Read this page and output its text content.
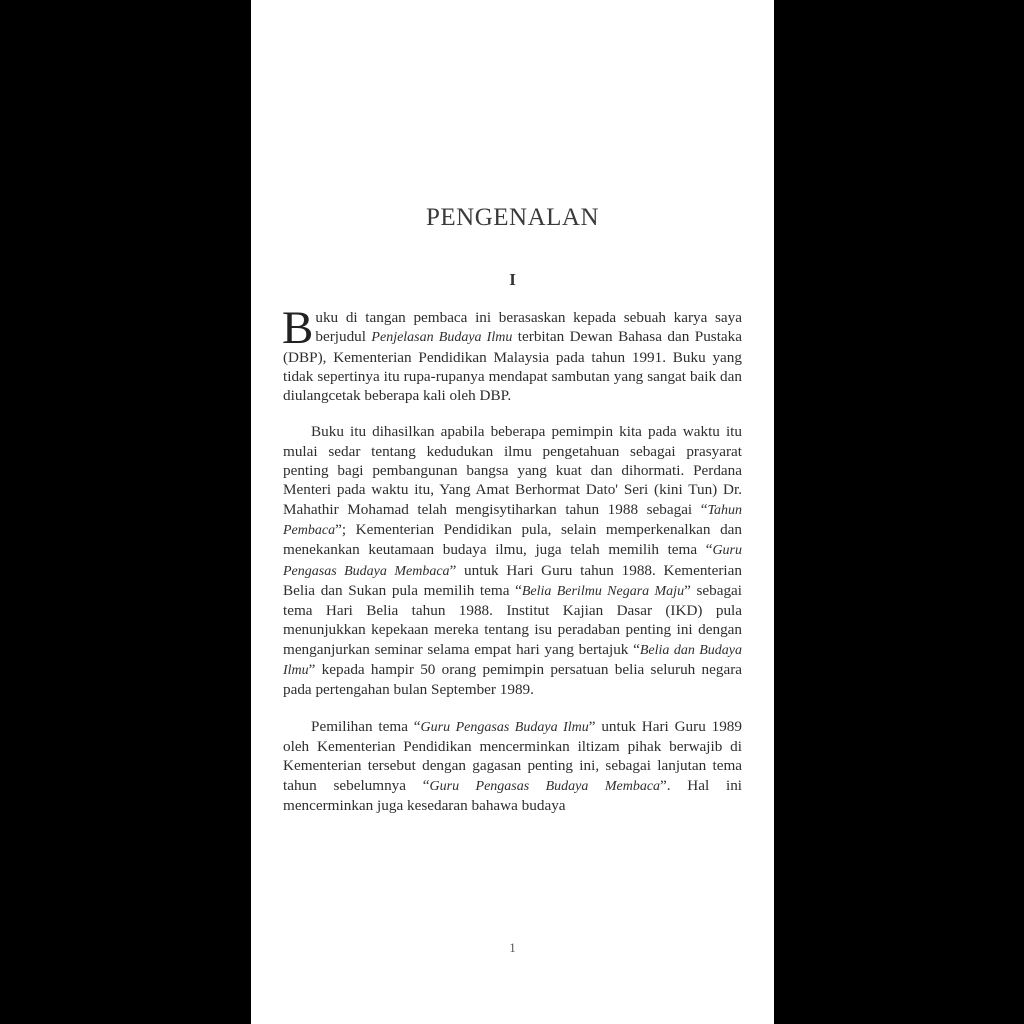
PENGENALAN
I

Buku di tangan pembaca ini berasaskan kepada sebuah karya saya berjudul Penjelasan Budaya Ilmu terbitan Dewan Bahasa dan Pustaka (DBP), Kementerian Pendidikan Malaysia pada tahun 1991. Buku yang tidak sepertinya itu rupa-rupanya mendapat sambutan yang sangat baik dan diulangcetak beberapa kali oleh DBP.

Buku itu dihasilkan apabila beberapa pemimpin kita pada waktu itu mulai sedar tentang kedudukan ilmu pengetahuan sebagai prasyarat penting bagi pembangunan bangsa yang kuat dan dihormati. Perdana Menteri pada waktu itu, Yang Amat Berhormat Dato' Seri (kini Tun) Dr. Mahathir Mohamad telah mengisytiharkan tahun 1988 sebagai “Tahun Pembaca”; Kementerian Pendidikan pula, selain memperkenalkan dan menekankan keutamaan budaya ilmu, juga telah memilih tema “Guru Pengasas Budaya Membaca” untuk Hari Guru tahun 1988. Kementerian Belia dan Sukan pula memilih tema “Belia Berilmu Negara Maju” sebagai tema Hari Belia tahun 1988. Institut Kajian Dasar (IKD) pula menunjukkan kepekaan mereka tentang isu peradaban penting ini dengan menganjurkan seminar selama empat hari yang bertajuk “Belia dan Budaya Ilmu” kepada hampir 50 orang pemimpin persatuan belia seluruh negara pada pertengahan bulan September 1989.

Pemilihan tema “Guru Pengasas Budaya Ilmu” untuk Hari Guru 1989 oleh Kementerian Pendidikan mencerminkan iltizam pihak berwajib di Kementerian tersebut dengan gagasan penting ini, sebagai lanjutan tema tahun sebelumnya “Guru Pengasas Budaya Membaca”. Hal ini mencerminkan juga kesedaran bahawa budaya

1
